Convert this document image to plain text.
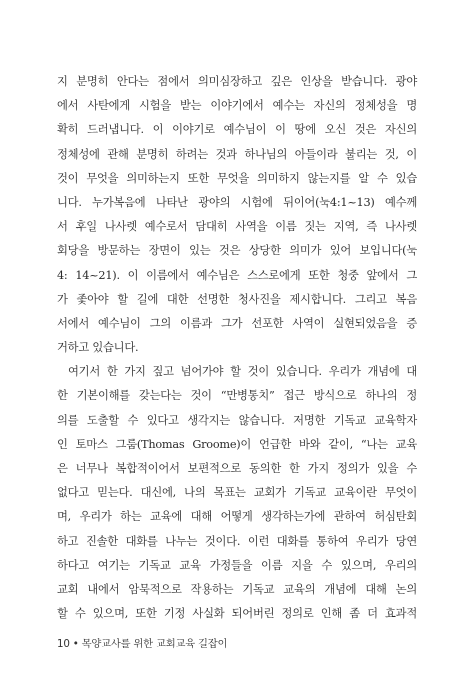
지 분명히 안다는 점에서 의미심장하고 깊은 인상을 받습니다. 광야
에서 사탄에게 시험을 받는 이야기에서 예수는 자신의 정체성을 명
확히 드러냅니다. 이 이야기로 예수님이 이 땅에 오신 것은 자신의
정체성에 관해 분명히 하려는 것과 하나님의 아들이라 불리는 것, 이
것이 무엇을 의미하는지 또한 무엇을 의미하지 않는지를 알 수 있습
니다. 누가복음에 나타난 광야의 시험에 뒤이어(눅4:1~13) 예수께
서 후일 나사렛 예수로서 담대히 사역을 이름 짓는 지역, 즉 나사렛
회당을 방문하는 장면이 있는 것은 상당한 의미가 있어 보입니다(눅
4: 14~21). 이 이름에서 예수님은 스스로에게 또한 청중 앞에서 그
가 좇아야 할 길에 대한 선명한 청사진을 제시합니다. 그리고 복음
서에서 예수님이 그의 이름과 그가 선포한 사역이 실현되었음을 증
거하고 있습니다.
여기서 한 가지 짚고 넘어가야 할 것이 있습니다. 우리가 개념에 대
한 기본이해를 갖는다는 것이 “만병통치” 접근 방식으로 하나의 정
의를 도출할 수 있다고 생각지는 않습니다. 저명한 기독교 교육학자
인 토마스 그룸(Thomas Groome)이 언급한 바와 같이, “나는 교육
은 너무나 복합적이어서 보편적으로 동의한 한 가지 정의가 있을 수
없다고 믿는다. 대신에, 나의 목표는 교회가 기독교 교육이란 무엇이
며, 우리가 하는 교육에 대해 어떻게 생각하는가에 관하여 허심탄회
하고 진솔한 대화를 나누는 것이다. 이런 대화를 통하여 우리가 당연
하다고 여기는 기독교 교육 가정들을 이름 지을 수 있으며, 우리의
교회 내에서 암묵적으로 작용하는 기독교 교육의 개념에 대해 논의
할 수 있으며, 또한 기정 사실화 되어버린 정의로 인해 좀 더 효과적
10 • 목양교사를 위한 교회교육 길잡이
